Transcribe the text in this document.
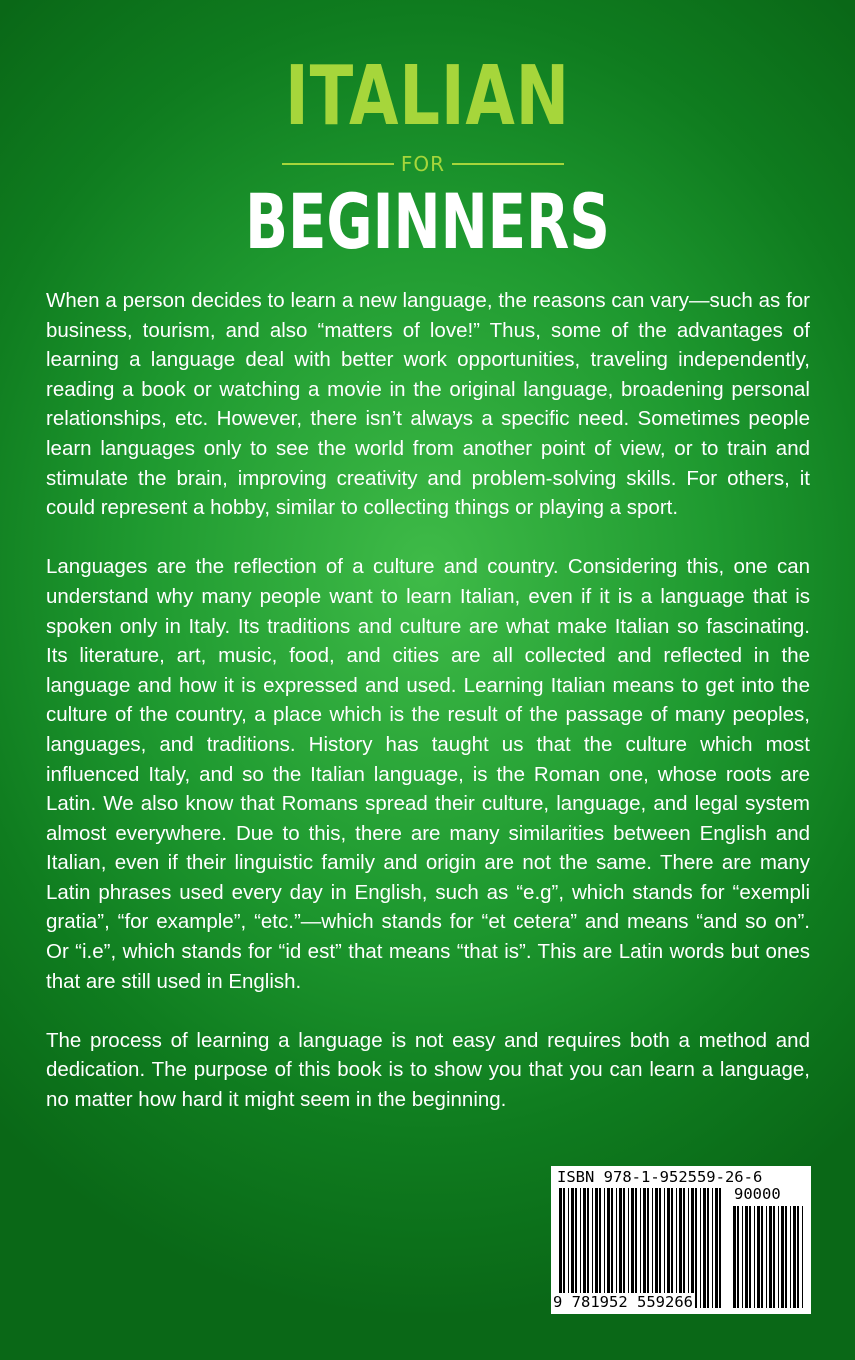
ITALIAN
FOR
BEGINNERS

When a person decides to learn a new language, the reasons can vary—such as for business, tourism, and also “matters of love!” Thus, some of the advantages of learning a language deal with better work opportunities, traveling independently, reading a book or watching a movie in the original language, broadening personal relationships, etc. However, there isn’t always a specific need. Sometimes people learn languages only to see the world from another point of view, or to train and stimulate the brain, improving creativity and problem-solving skills. For others, it could represent a hobby, similar to collecting things or playing a sport.

Languages are the reflection of a culture and country. Considering this, one can understand why many people want to learn Italian, even if it is a language that is spoken only in Italy. Its traditions and culture are what make Italian so fascinating. Its literature, art, music, food, and cities are all collected and reflected in the language and how it is expressed and used. Learning Italian means to get into the culture of the country, a place which is the result of the passage of many peoples, languages, and traditions. History has taught us that the culture which most influenced Italy, and so the Italian language, is the Roman one, whose roots are Latin. We also know that Romans spread their culture, language, and legal system almost everywhere. Due to this, there are many similarities between English and Italian, even if their linguistic family and origin are not the same. There are many Latin phrases used every day in English, such as “e.g”, which stands for “exempli gratia”, “for example”, “etc.”—which stands for “et cetera” and means “and so on”. Or “i.e”, which stands for “id est” that means “that is”. This are Latin words but ones that are still used in English.

The process of learning a language is not easy and requires both a method and dedication. The purpose of this book is to show you that you can learn a language, no matter how hard it might seem in the beginning.

ISBN 978-1-952559-26-6
90000
9 781952 559266
